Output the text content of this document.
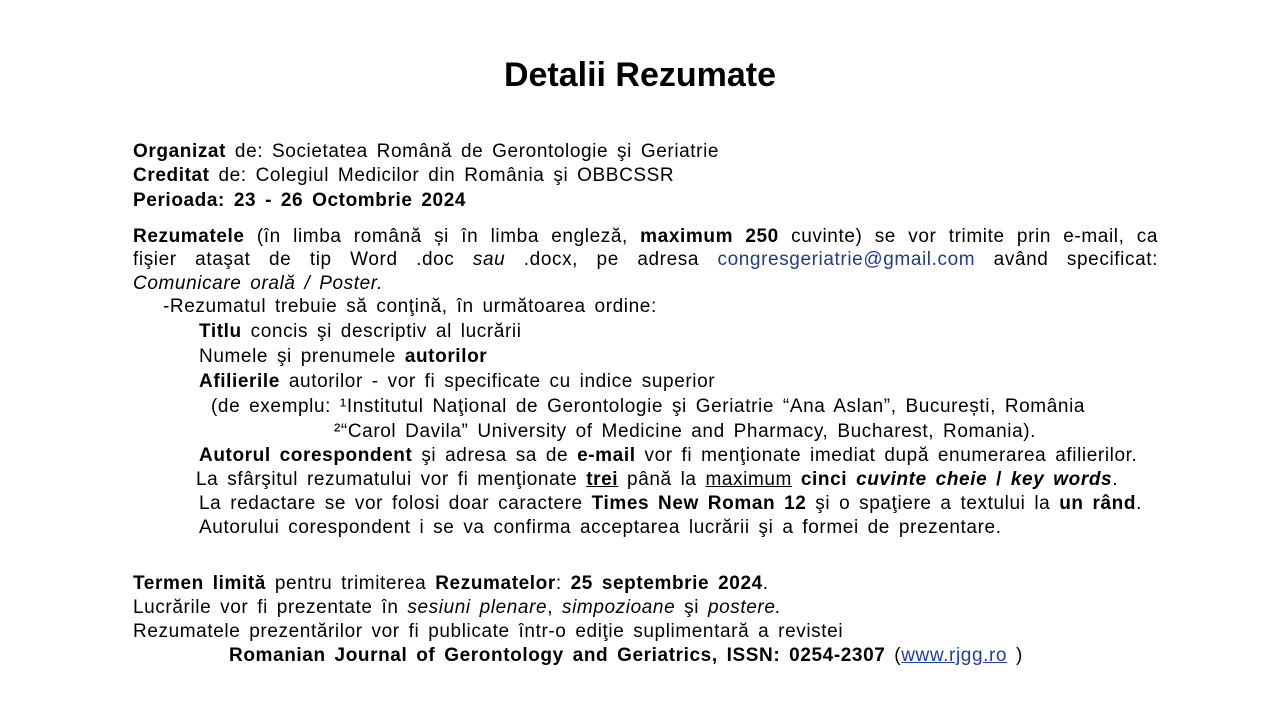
Detalii Rezumate
Organizat de: Societatea Română de Gerontologie şi Geriatrie
Creditat de: Colegiul Medicilor din România şi OBBCSSR
Perioada: 23 - 26 Octombrie 2024
Rezumatele (în limba română și în limba engleză, maximum 250 cuvinte) se vor trimite prin e-mail, ca
fişier ataşat de tip Word .doc sau .docx, pe adresa congresgeriatrie@gmail.com având specificat:
Comunicare orală / Poster.
-Rezumatul trebuie să conţină, în următoarea ordine:
Titlu concis şi descriptiv al lucrării
Numele şi prenumele autorilor
Afilierile autorilor - vor fi specificate cu indice superior
(de exemplu: ¹Institutul Naţional de Gerontologie şi Geriatrie “Ana Aslan”, București, România
²“Carol Davila” University of Medicine and Pharmacy, Bucharest, Romania).
Autorul corespondent şi adresa sa de e-mail vor fi menţionate imediat după enumerarea afilierilor.
La sfârşitul rezumatului vor fi menţionate trei până la maximum cinci cuvinte cheie / key words.
La redactare se vor folosi doar caractere Times New Roman 12 şi o spaţiere a textului la un rând.
Autorului corespondent i se va confirma acceptarea lucrării şi a formei de prezentare.
Termen limită pentru trimiterea Rezumatelor: 25 septembrie 2024.
Lucrările vor fi prezentate în sesiuni plenare, simpozioane şi postere.
Rezumatele prezentărilor vor fi publicate într-o ediţie suplimentară a revistei
Romanian Journal of Gerontology and Geriatrics, ISSN: 0254-2307 (www.rjgg.ro )
